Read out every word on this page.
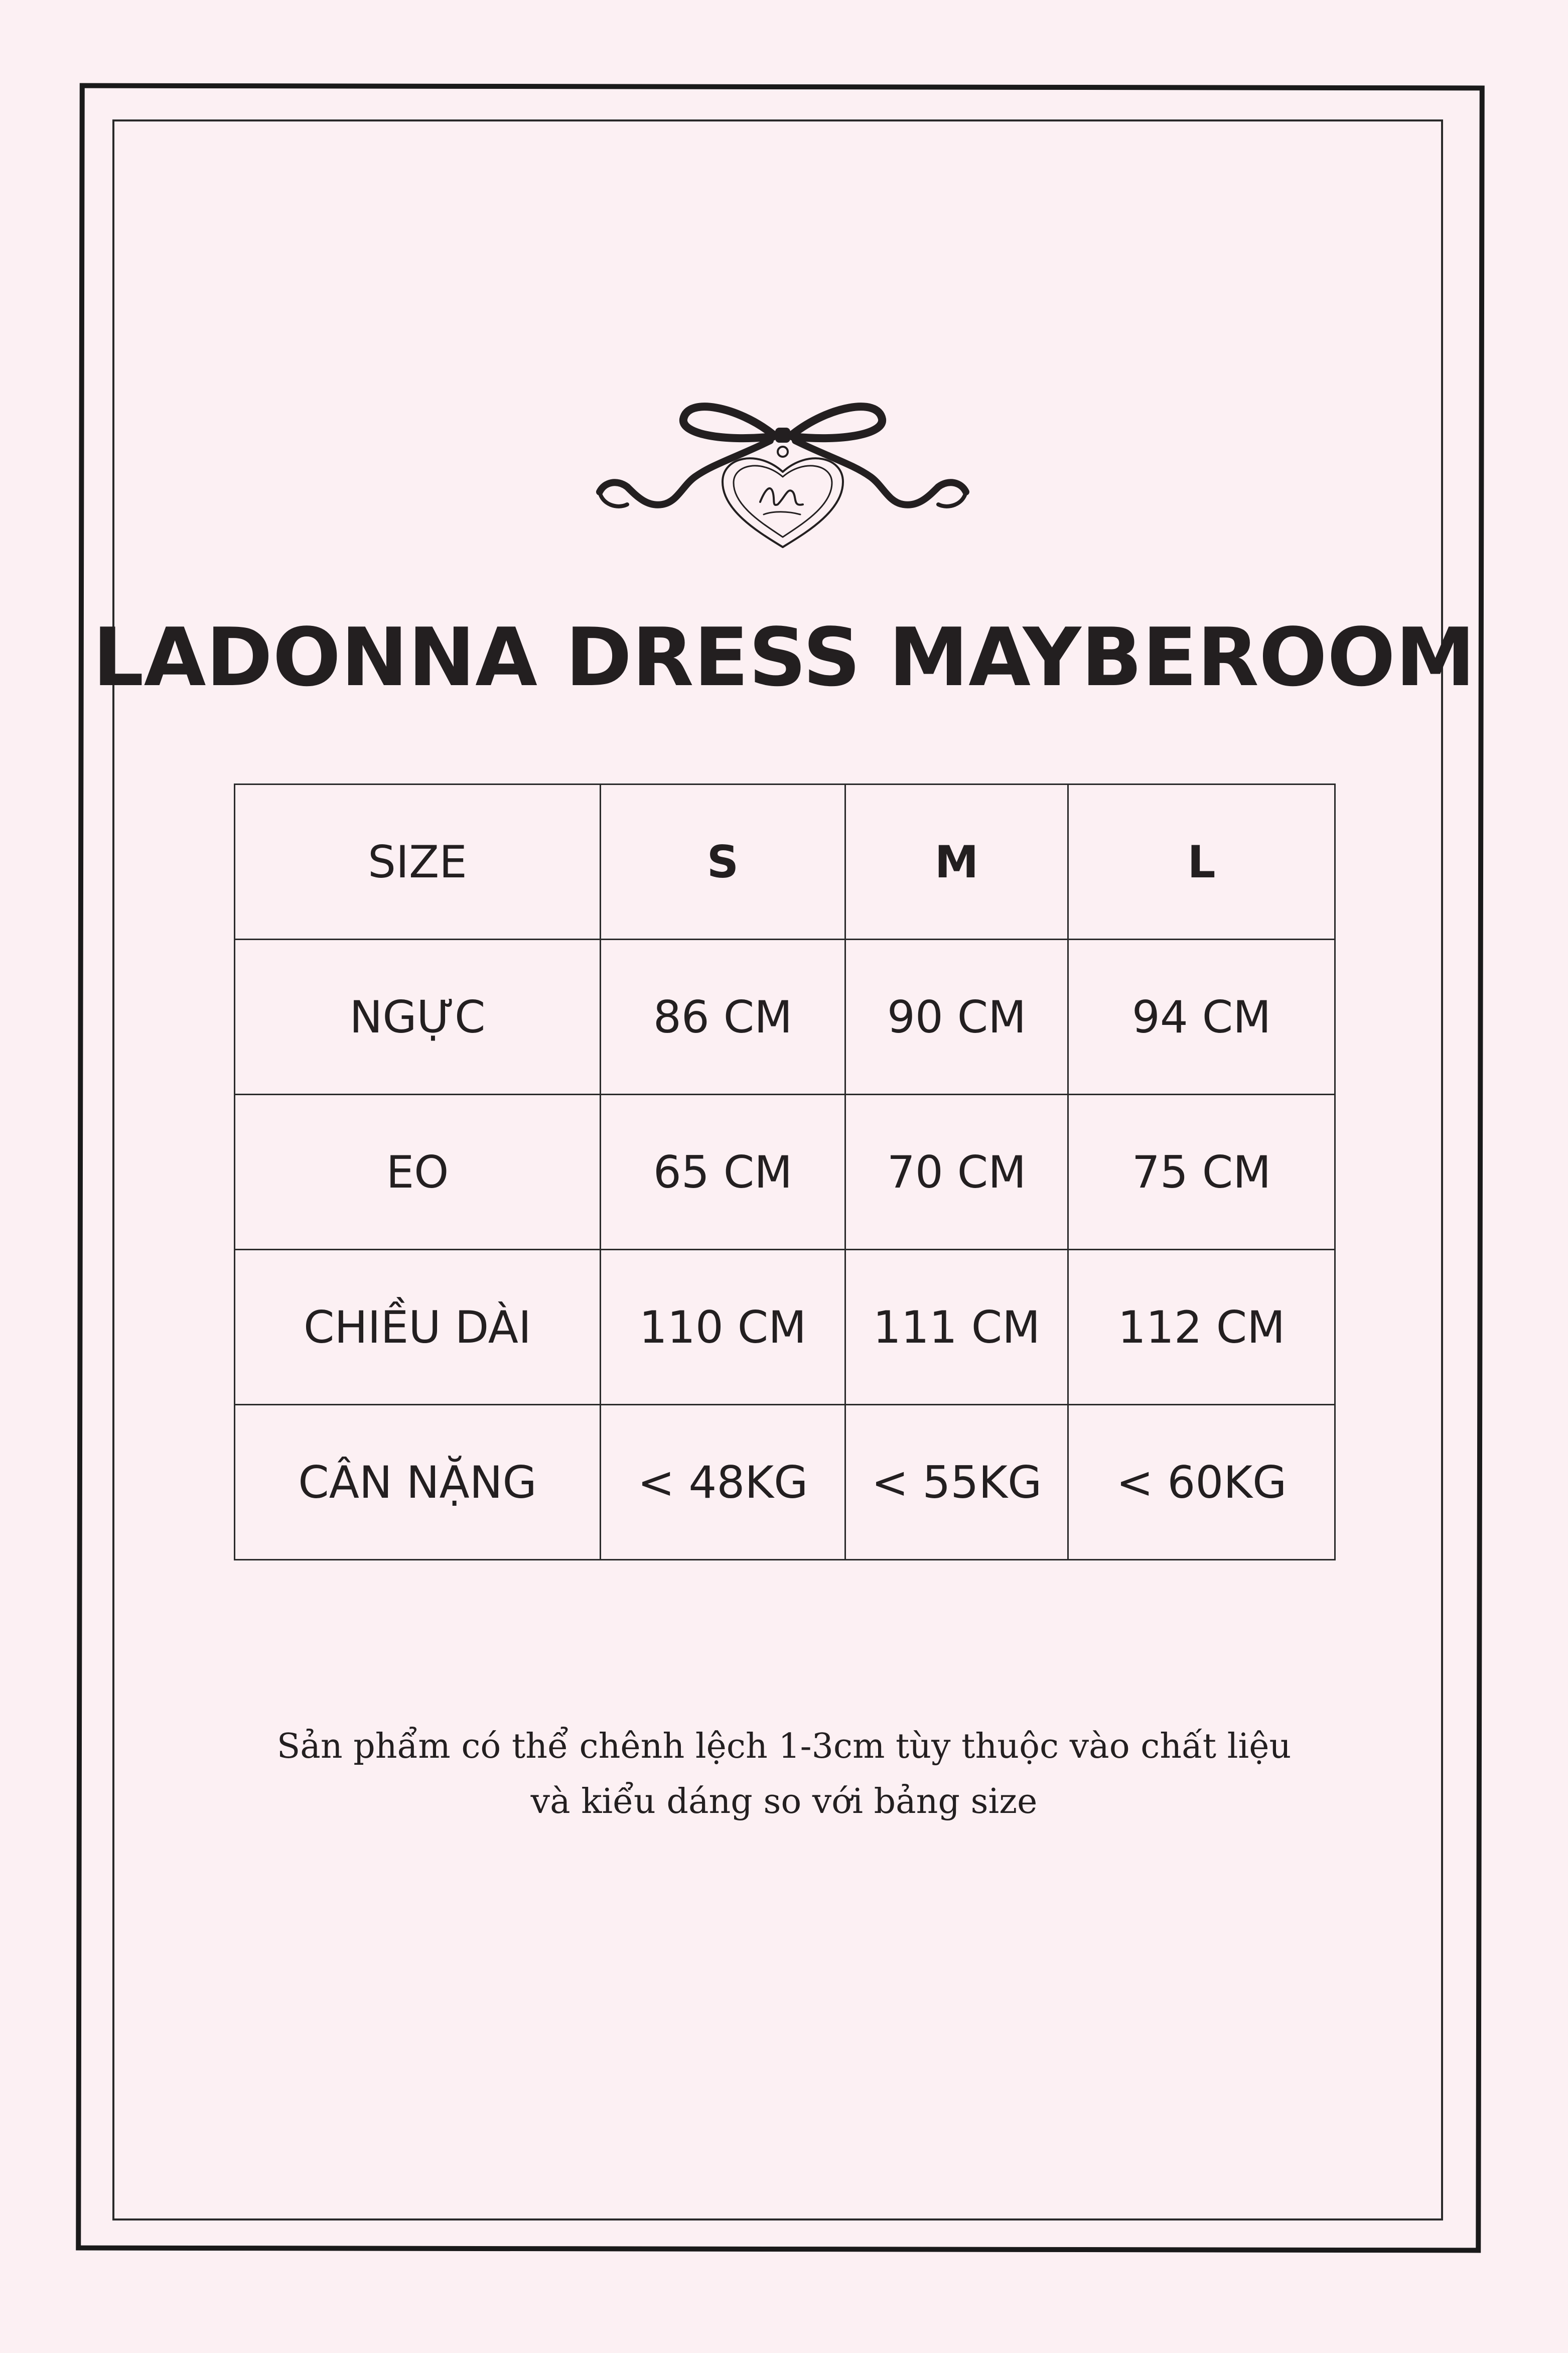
LADONNA DRESS MAYBEROOM
SIZE	S	M	L
NGỰC	86 CM	90 CM	94 CM
EO	65 CM	70 CM	75 CM
CHIỀU DÀI	110 CM	111 CM	112 CM
CÂN NẶNG	< 48KG	< 55KG	< 60KG
Sản phẩm có thể chênh lệch 1-3cm tùy thuộc vào chất liệu
và kiểu dáng so với bảng size
